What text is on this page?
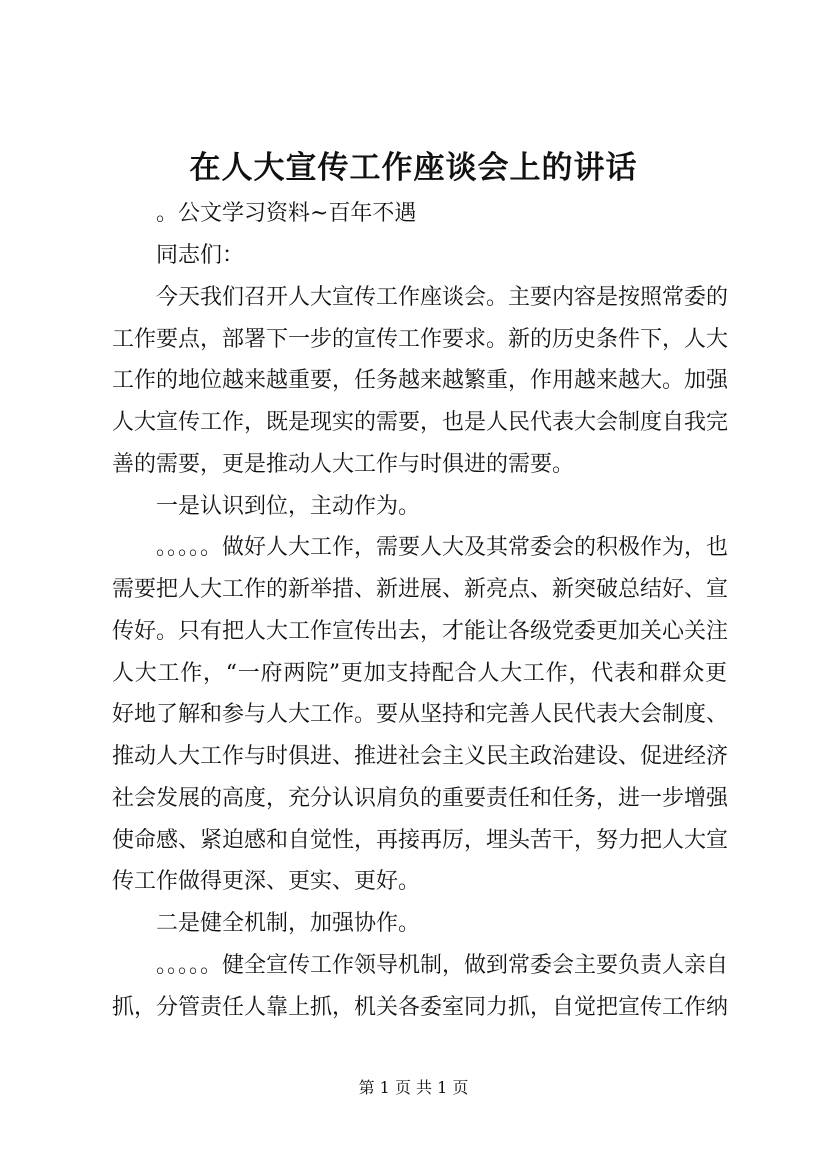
在人大宣传工作座谈会上的讲话
。公文学习资料~百年不遇
同志们：
今天我们召开人大宣传工作座谈会。主要内容是按照常委的
工作要点，部署下一步的宣传工作要求。新的历史条件下，人大
工作的地位越来越重要，任务越来越繁重，作用越来越大。加强
人大宣传工作，既是现实的需要，也是人民代表大会制度自我完
善的需要，更是推动人大工作与时俱进的需要。
一是认识到位，主动作为。
。。。。。做好人大工作，需要人大及其常委会的积极作为，也
需要把人大工作的新举措、新进展、新亮点、新突破总结好、宣
传好。只有把人大工作宣传出去，才能让各级党委更加关心关注
人大工作，“一府两院”更加支持配合人大工作，代表和群众更
好地了解和参与人大工作。要从坚持和完善人民代表大会制度、
推动人大工作与时俱进、推进社会主义民主政治建设、促进经济
社会发展的高度，充分认识肩负的重要责任和任务，进一步增强
使命感、紧迫感和自觉性，再接再厉，埋头苦干，努力把人大宣
传工作做得更深、更实、更好。
二是健全机制，加强协作。
。。。。。健全宣传工作领导机制，做到常委会主要负责人亲自
抓，分管责任人靠上抓，机关各委室同力抓，自觉把宣传工作纳
第 1 页 共 1 页
